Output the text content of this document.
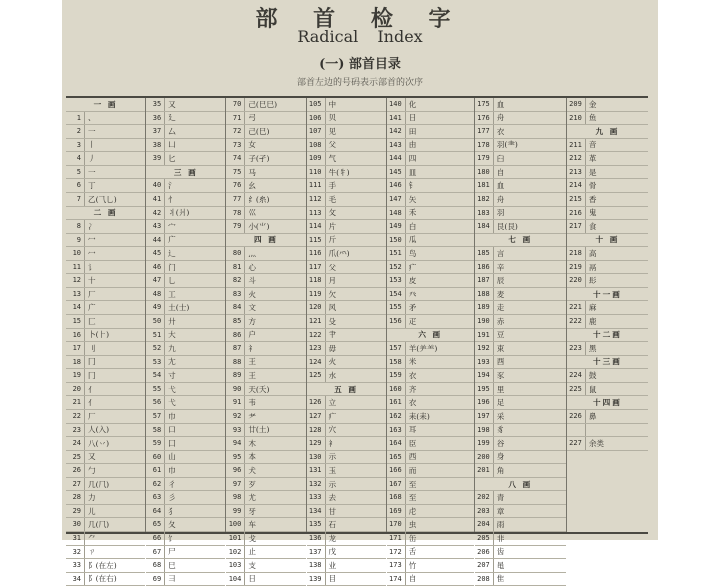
部 首 检 字
Radical Index
(一) 部首目录
部首左边的号码表示部首的次序
一 画
1 、
2 一
3 丨
4 丿
5 一
6 丁
7 乙(⺄乚)
二 画
8 冫
9 冖
10 冖
11 讠
12 十
13 厂
14 广
15 匚
16 卜(⺊)
17 刂
18 冂
19 冂
20 亻
21 亻
22 厂
23 人(入)
24 八(丷)
25 又
26 勹
27 几(⺇)
28 力
29 儿
30 几(⺇)
31 ⺈
32 ㄗ
33 阝(在左)
34 阝(在右)
35 又
36 廴
37 厶
38 凵
39 匕
三 画
40 氵
41 忄
42 丬(爿)
43 宀
44 广
45 辶
46 门
47 乚
48 工
49 土(士)
50 廾
51 大
52 九
53 尢
54 寸
55 弋
56 弋
57 巾
58 口
59 囗
60 山
61 巾
62 彳
63 彡
64 犭
65 夂
66 饣
67 尸
68 巳
69 彐
70 己(巳巳)
71 弓
72 己(巳)
73 女
74 子(孑)
75 马
76 幺
77 纟(糸)
78 巛
79 小(⺌)
四 画
80 灬
81 心
82 斗
83 火
84 文
85 方
86 户
87 礻
88 王
89 王
90 天(夭)
91 韦
92 耂
93 廿(土)
94 木
95 本
96 犬
97 歹
98 尤
99 牙
100 车
101 戈
102 止
103 支
104 日
105 中
106 贝
107 见
108 父
109 气
110 牛(牜)
111 手
112 毛
113 攵
114 片
115 斤
116 爪(⺤)
117 父
118 月
119 欠
120 风
121 殳
122 肀
123 毋
124 火
125 水
五 画
126 立
127 疒
128 穴
129 衤
130 示
131 玉
132 示
133 去
134 甘
135 石
136 龙
137 戊
138 业
139 目
140 化
141 日
142 田
143 由
144 四
145 皿
146 钅
147 矢
148 禾
149 白
150 瓜
151 鸟
152 疒
153 皮
154 癶
155 矛
156 疋
六 画
157 羊(⺶⺷)
158 米
159 衣
160 齐
161 衣
162 耒(耒)
163 耳
164 臣
165 西
166 而
167 至
168 至
169 虍
170 虫
171 缶
172 舌
173 竹
174 自
175 血
176 舟
177 衣
178 羽(⺻)
179 臼
180 自
181 血
182 舟
183 羽
184 艮(艮)
七 画
185 言
186 辛
187 辰
188 麦
189 走
190 赤
191 豆
192 束
193 酉
194 豕
195 里
196 足
197 采
198 豸
199 谷
200 身
201 角
八 画
202 青
203 章
204 雨
205 非
206 齿
207 黾
208 隹
209 金
210 鱼
九 画
211 音
212 革
213 是
214 骨
215 香
216 鬼
217 食
十 画
218 高
219 鬲
220 髟
十一画
221 麻
222 鹿
十二画
223 黑
十三画
224 鼓
225 鼠
十四画
226 鼻
227 余类
